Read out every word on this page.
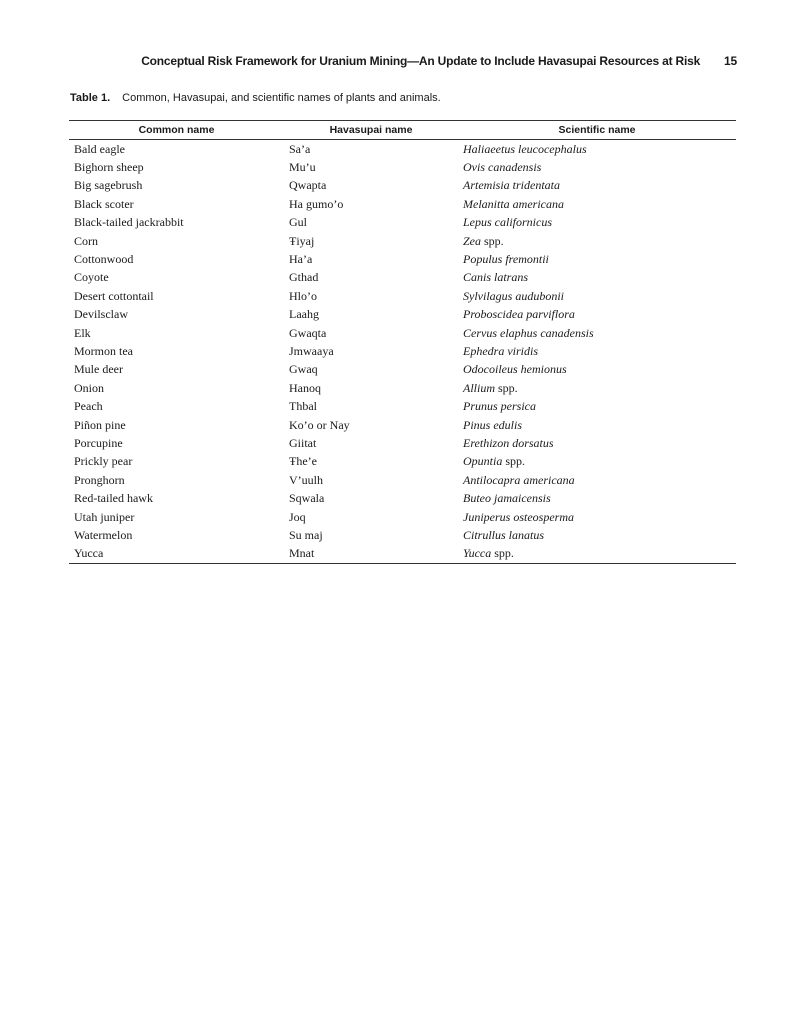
Conceptual Risk Framework for Uranium Mining—An Update to Include Havasupai Resources at Risk 15
Table 1. Common, Havasupai, and scientific names of plants and animals.
Common name	Havasupai name	Scientific name
Bald eagle	Sa’a	Haliaeetus leucocephalus
Bighorn sheep	Mu’u	Ovis canadensis
Big sagebrush	Qwapta	Artemisia tridentata
Black scoter	Ha gumo’o	Melanitta americana
Black-tailed jackrabbit	Gul	Lepus californicus
Corn	Ŧiyaj	Zea spp.
Cottonwood	Ha’a	Populus fremontii
Coyote	Gthad	Canis latrans
Desert cottontail	Hlo’o	Sylvilagus audubonii
Devilsclaw	Laahg	Proboscidea parviflora
Elk	Gwaqta	Cervus elaphus canadensis
Mormon tea	Jmwaaya	Ephedra viridis
Mule deer	Gwaq	Odocoileus hemionus
Onion	Hanoq	Allium spp.
Peach	Thbal	Prunus persica
Piñon pine	Ko’o or Nay	Pinus edulis
Porcupine	Giitat	Erethizon dorsatus
Prickly pear	Ŧhe’e	Opuntia spp.
Pronghorn	V’uulh	Antilocapra americana
Red-tailed hawk	Sqwala	Buteo jamaicensis
Utah juniper	Joq	Juniperus osteosperma
Watermelon	Su maj	Citrullus lanatus
Yucca	Mnat	Yucca spp.
